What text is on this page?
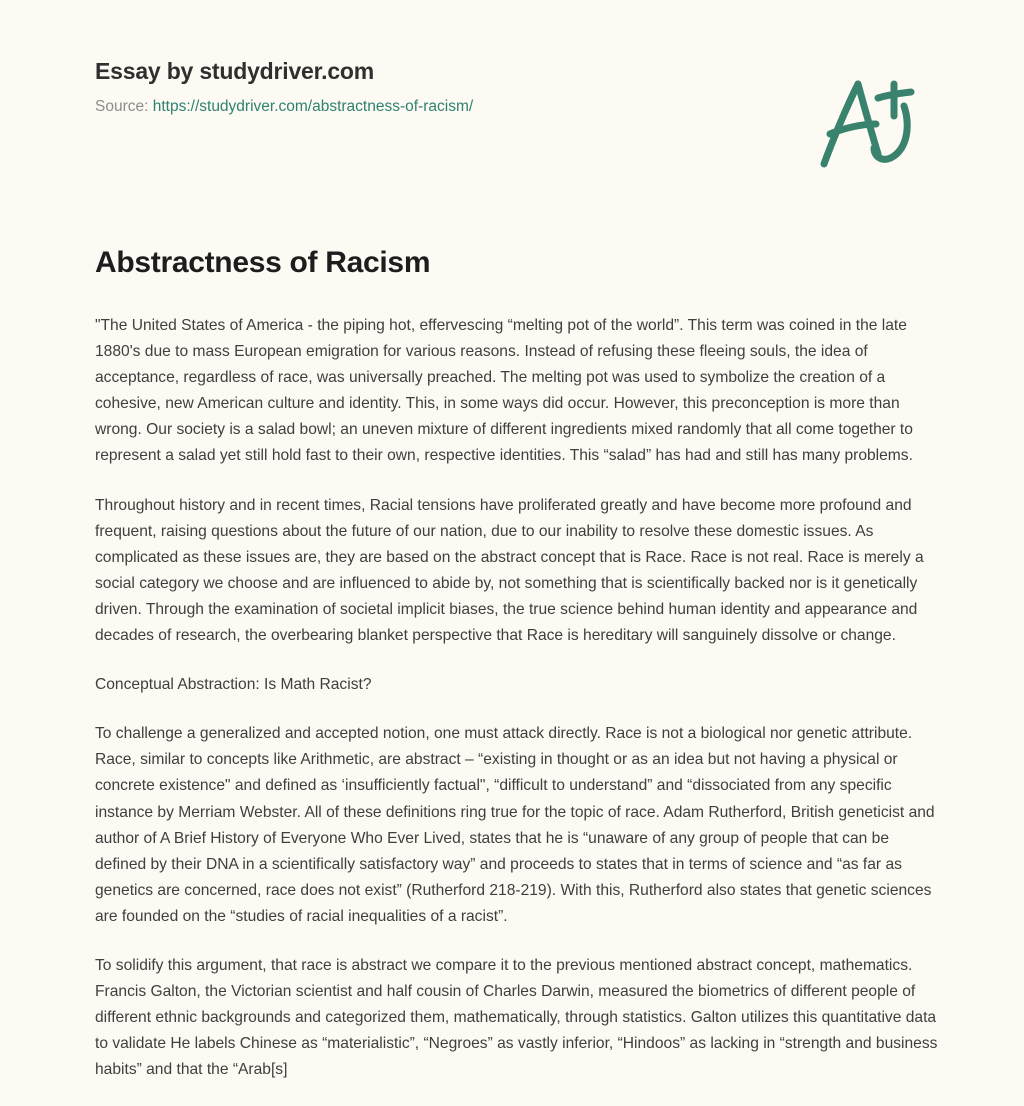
Essay by studydriver.com
Source: https://studydriver.com/abstractness-of-racism/
Abstractness of Racism

"The United States of America - the piping hot, effervescing “melting pot of the world”. This term was coined in the late 1880's due to mass European emigration for various reasons. Instead of refusing these fleeing souls, the idea of acceptance, regardless of race, was universally preached. The melting pot was used to symbolize the creation of a cohesive, new American culture and identity. This, in some ways did occur. However, this preconception is more than wrong. Our society is a salad bowl; an uneven mixture of different ingredients mixed randomly that all come together to represent a salad yet still hold fast to their own, respective identities. This “salad” has had and still has many problems.

Throughout history and in recent times, Racial tensions have proliferated greatly and have become more profound and frequent, raising questions about the future of our nation, due to our inability to resolve these domestic issues. As complicated as these issues are, they are based on the abstract concept that is Race. Race is not real. Race is merely a social category we choose and are influenced to abide by, not something that is scientifically backed nor is it genetically driven. Through the examination of societal implicit biases, the true science behind human identity and appearance and decades of research, the overbearing blanket perspective that Race is hereditary will sanguinely dissolve or change.

Conceptual Abstraction: Is Math Racist?

To challenge a generalized and accepted notion, one must attack directly. Race is not a biological nor genetic attribute. Race, similar to concepts like Arithmetic, are abstract – “existing in thought or as an idea but not having a physical or concrete existence" and defined as ‘insufficiently factual", “difficult to understand” and “dissociated from any specific instance by Merriam Webster. All of these definitions ring true for the topic of race. Adam Rutherford, British geneticist and author of A Brief History of Everyone Who Ever Lived, states that he is “unaware of any group of people that can be defined by their DNA in a scientifically satisfactory way” and proceeds to states that in terms of science and “as far as genetics are concerned, race does not exist” (Rutherford 218-219). With this, Rutherford also states that genetic sciences are founded on the “studies of racial inequalities of a racist”.

To solidify this argument, that race is abstract we compare it to the previous mentioned abstract concept, mathematics. Francis Galton, the Victorian scientist and half cousin of Charles Darwin, measured the biometrics of different people of different ethnic backgrounds and categorized them, mathematically, through statistics. Galton utilizes this quantitative data to validate He labels Chinese as “materialistic”, “Negroes” as vastly inferior, “Hindoos” as lacking in “strength and business habits” and that the “Arab[s]
